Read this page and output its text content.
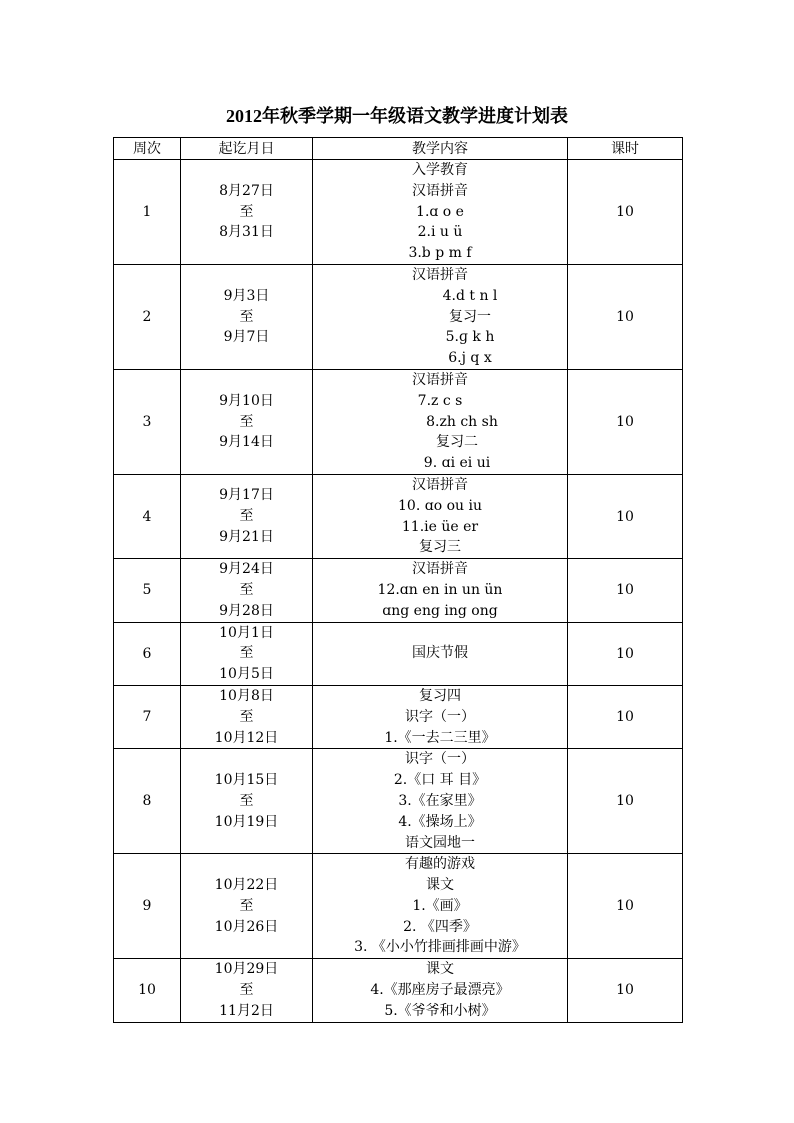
2012年秋季学期一年级语文教学进度计划表
周次	起讫月日	教学内容	课时
1	8月27日
至
8月31日	入学教育
汉语拼音
1.ɑ o e
2.i u ü
3.b p m f	10
2	9月3日
至
9月7日	汉语拼音
4.d t n l
复习一
5.ɡ k h
6.j q x	10
3	9月10日
至
9月14日	汉语拼音
7.z c s
8.zh ch sh
复习二
9. ɑi ei ui	10
4	9月17日
至
9月21日	汉语拼音
10. ɑo ou iu
11.ie üe er
复习三	10
5	9月24日
至
9月28日	汉语拼音
12.ɑn en in un ün
ɑng eng ing ong	10
6	10月1日
至
10月5日	国庆节假	10
7	10月8日
至
10月12日	复习四
识字（一）
1.《一去二三里》	10
8	10月15日
至
10月19日	识字（一）
2.《口 耳 目》
3.《在家里》
4.《操场上》
语文园地一	10
9	10月22日
至
10月26日	有趣的游戏
课文
1.《画》
2. 《四季》
3. 《小小竹排画排画中游》	10
10	10月29日
至
11月2日	课文
4.《那座房子最漂亮》
5.《爷爷和小树》	10
